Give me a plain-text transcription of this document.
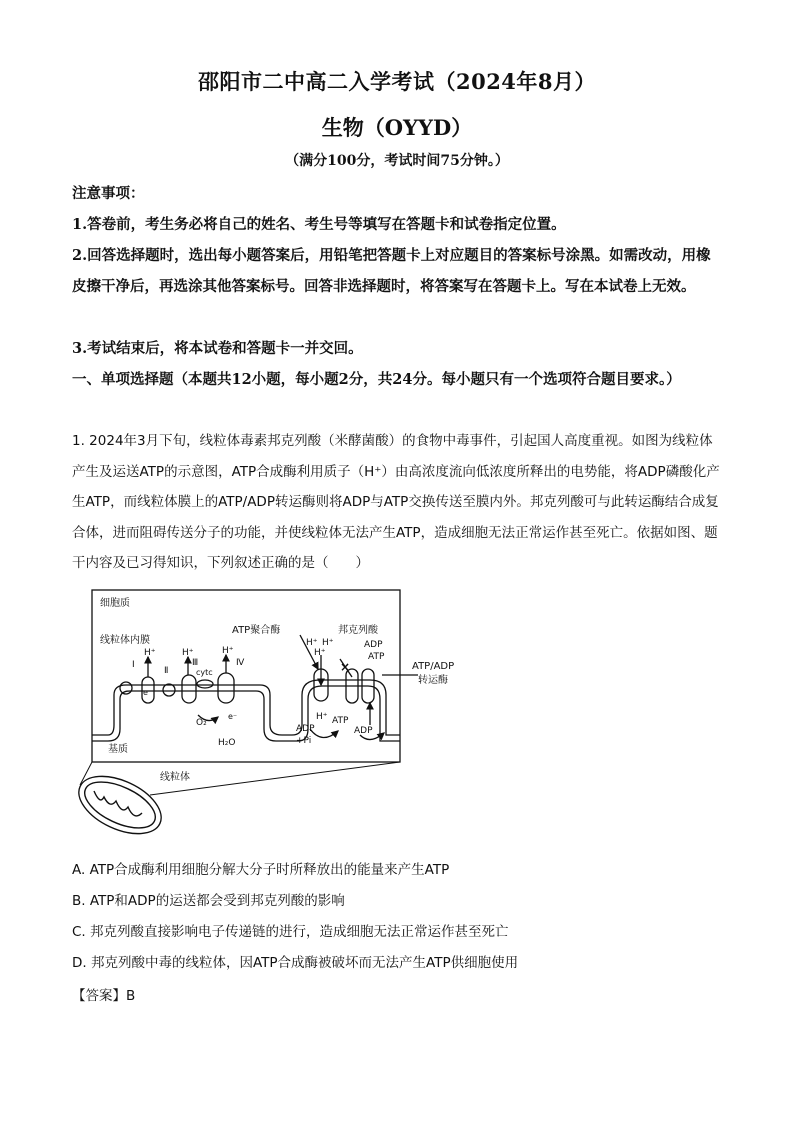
邵阳市二中高二入学考试（2024年8月）
生物（OYYD）
（满分100分，考试时间75分钟。）
注意事项：
1.答卷前，考生务必将自己的姓名、考生号等填写在答题卡和试卷指定位置。
2.回答选择题时，选出每小题答案后，用铅笔把答题卡上对应题目的答案标号涂黑。如需改动，用橡皮擦干净后，再选涂其他答案标号。回答非选择题时，将答案写在答题卡上。写在本试卷上无效。
3.考试结束后，将本试卷和答题卡一并交回。
一、单项选择题（本题共12小题，每小题2分，共24分。每小题只有一个选项符合题目要求。）
1. 2024年3月下旬，线粒体毒素邦克列酸（米酵菌酸）的食物中毒事件，引起国人高度重视。如图为线粒体产生及运送ATP的示意图，ATP合成酶利用质子（H⁺）由高浓度流向低浓度所释出的电势能，将ADP磷酸化产生ATP，而线粒体膜上的ATP/ADP转运酶则将ADP与ATP交换传送至膜内外。邦克列酸可与此转运酶结合成复合体，进而阻碍传送分子的功能，并使线粒体无法产生ATP，造成细胞无法正常运作甚至死亡。依据如图、题干内容及已习得知识，下列叙述正确的是（　　）
细胞质
线粒体内膜
基质
线粒体
ATP聚合酶	邦克列酸
ATP/ADP
转运酶
I
Ⅱ
Ⅲ	Ⅳ
cytc
H⁺	H⁺	H⁺
H⁺ H⁺
H⁺
H⁺
e⁻
e⁻
O₂
H₂O
ADP
ATP
ATP
ADP
+Pi
ADP
×
A. ATP合成酶利用细胞分解大分子时所释放出的能量来产生ATP
B. ATP和ADP的运送都会受到邦克列酸的影响
C. 邦克列酸直接影响电子传递链的进行，造成细胞无法正常运作甚至死亡
D. 邦克列酸中毒的线粒体，因ATP合成酶被破坏而无法产生ATP供细胞使用
【答案】B
